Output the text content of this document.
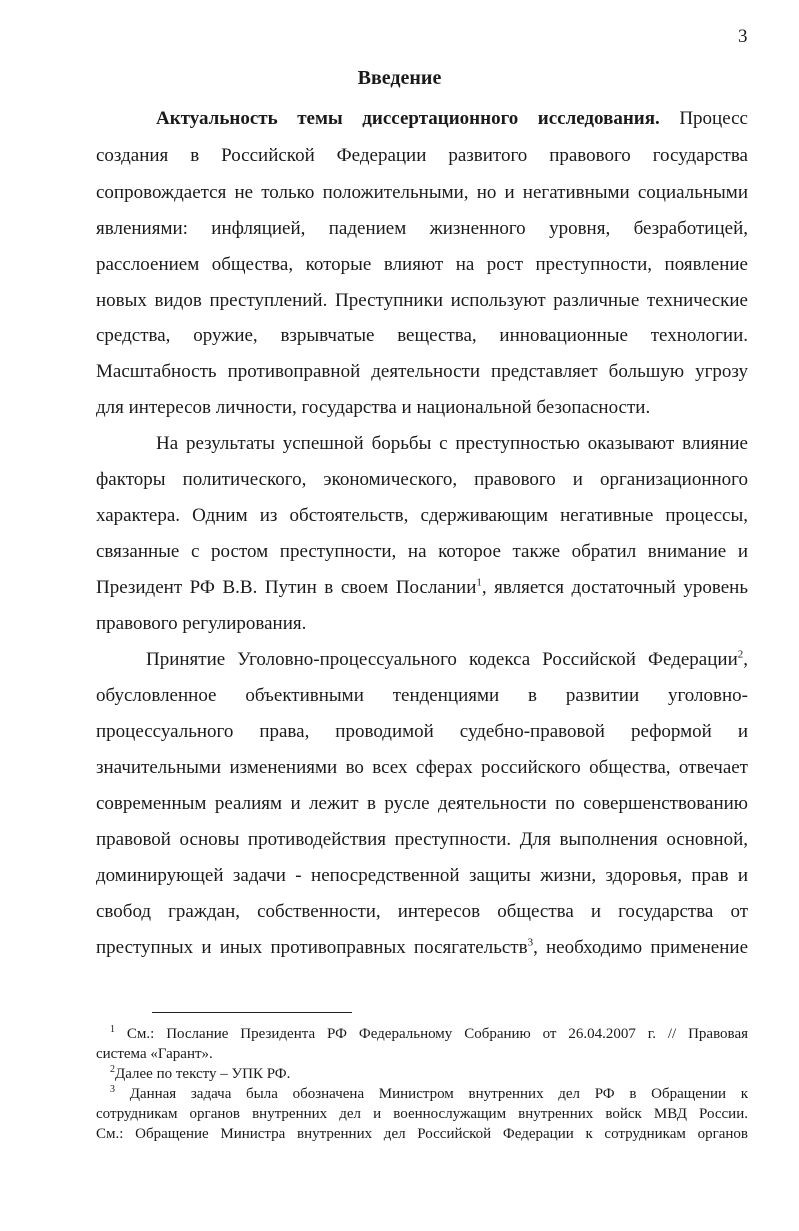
3
Введение
Актуальность темы диссертационного исследования. Процесс
создания в Российской Федерации развитого правового государства
сопровождается не только положительными, но и негативными социальными
явлениями: инфляцией, падением жизненного уровня, безработицей,
расслоением общества, которые влияют на рост преступности, появление
новых видов преступлений. Преступники используют различные технические
средства, оружие, взрывчатые вещества, инновационные технологии.
Масштабность противоправной деятельности представляет большую угрозу
для интересов личности, государства и национальной безопасности.
На результаты успешной борьбы с преступностью оказывают влияние
факторы политического, экономического, правового и организационного
характера. Одним из обстоятельств, сдерживающим негативные процессы,
связанные с ростом преступности, на которое также обратил внимание и
Президент РФ В.В. Путин в своем Послании$^1$, является достаточный уровень
правового регулирования.
Принятие Уголовно-процессуального кодекса Российской Федерации$^2$,
обусловленное объективными тенденциями в развитии уголовно-
процессуального права, проводимой судебно-правовой реформой и
значительными изменениями во всех сферах российского общества, отвечает
современным реалиям и лежит в русле деятельности по совершенствованию
правовой основы противодействия преступности. Для выполнения основной,
доминирующей задачи - непосредственной защиты жизни, здоровья, прав и
свобод граждан, собственности, интересов общества и государства от
преступных и иных противоправных посягательств$^3$, необходимо применение
$^1$ См.: Послание Президента РФ Федеральному Собранию от 26.04.2007 г. // Правовая
система «Гарант».
$^2$Далее по тексту – УПК РФ.
$^3$ Данная задача была обозначена Министром внутренних дел РФ в Обращении к
сотрудникам органов внутренних дел и военнослужащим внутренних войск МВД России.
См.: Обращение Министра внутренних дел Российской Федерации к сотрудникам органов
